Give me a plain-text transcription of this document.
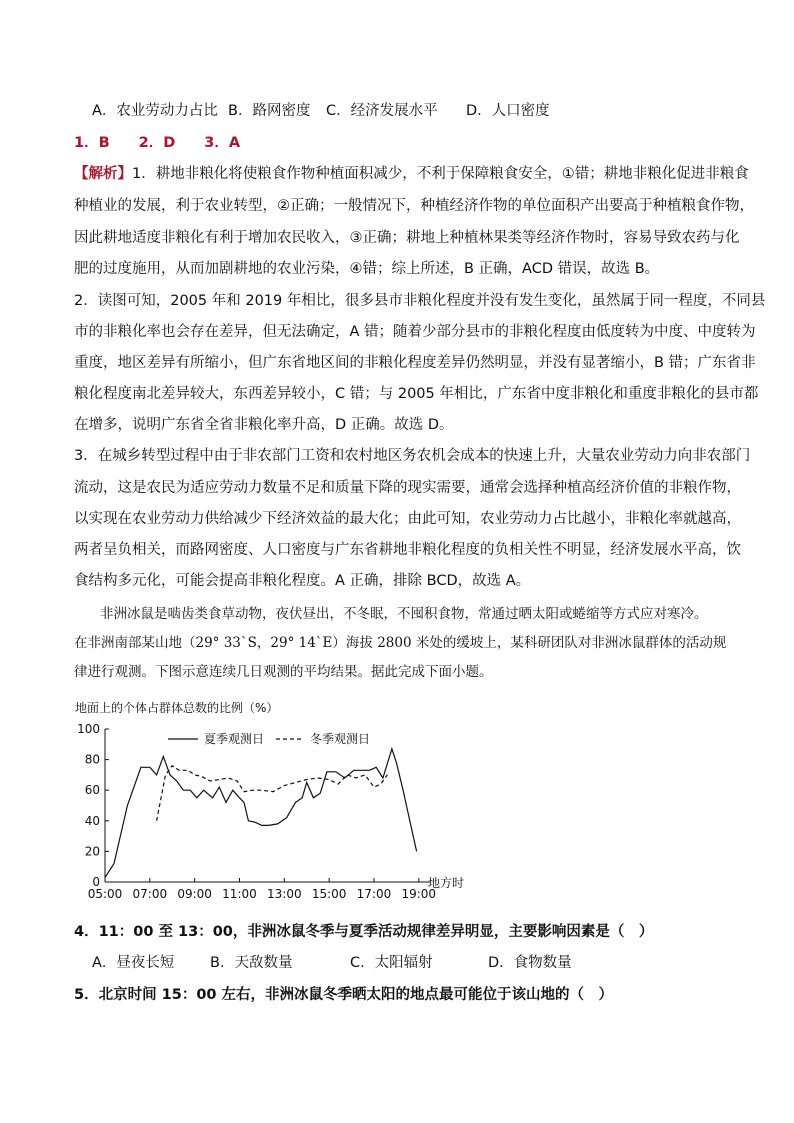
A．农业劳动力占比 B．路网密度 C．经济发展水平 D．人口密度
1．B　　2．D　　3．A
【解析】1．耕地非粮化将使粮食作物种植面积减少，不利于保障粮食安全，①错；耕地非粮化促进非粮食
种植业的发展，利于农业转型，②正确；一般情况下，种植经济作物的单位面积产出要高于种植粮食作物，
因此耕地适度非粮化有利于增加农民收入，③正确；耕地上种植林果类等经济作物时，容易导致农药与化
肥的过度施用，从而加剧耕地的农业污染，④错；综上所述，B 正确，ACD 错误，故选 B。
2．读图可知，2005 年和 2019 年相比，很多县市非粮化程度并没有发生变化，虽然属于同一程度，不同县
市的非粮化率也会存在差异，但无法确定，A 错；随着少部分县市的非粮化程度由低度转为中度、中度转为
重度，地区差异有所缩小，但广东省地区间的非粮化程度差异仍然明显，并没有显著缩小，B 错；广东省非
粮化程度南北差异较大，东西差异较小，C 错；与 2005 年相比，广东省中度非粮化和重度非粮化的县市都
在增多，说明广东省全省非粮化率升高，D 正确。故选 D。
3．在城乡转型过程中由于非农部门工资和农村地区务农机会成本的快速上升，大量农业劳动力向非农部门
流动，这是农民为适应劳动力数量不足和质量下降的现实需要，通常会选择种植高经济价值的非粮作物，
以实现在农业劳动力供给减少下经济效益的最大化；由此可知，农业劳动力占比越小，非粮化率就越高，
两者呈负相关，而路网密度、人口密度与广东省耕地非粮化程度的负相关性不明显，经济发展水平高，饮
食结构多元化，可能会提高非粮化程度。A 正确，排除 BCD，故选 A。
非洲冰鼠是啮齿类食草动物，夜伏昼出，不冬眠，不囤积食物，常通过晒太阳或蜷缩等方式应对寒冷。
在非洲南部某山地（29° 33`S，29° 14`E）海拔 2800 米处的缓坡上，某科研团队对非洲冰鼠群体的活动规
律进行观测。下图示意连续几日观测的平均结果。据此完成下面小题。
地面上的个体占群体总数的比例（%）
0
20
40
60
80
100
05:00 07:00 09:00 11:00 13:00 15:00 17:00 19:00
地方时
夏季观测日	冬季观测日
4．11：00 至 13：00，非洲冰鼠冬季与夏季活动规律差异明显，主要影响因素是（　）
A．昼夜长短 B．天敌数量	C．太阳辐射	D．食物数量
5．北京时间 15：00 左右，非洲冰鼠冬季晒太阳的地点最可能位于该山地的（　）
